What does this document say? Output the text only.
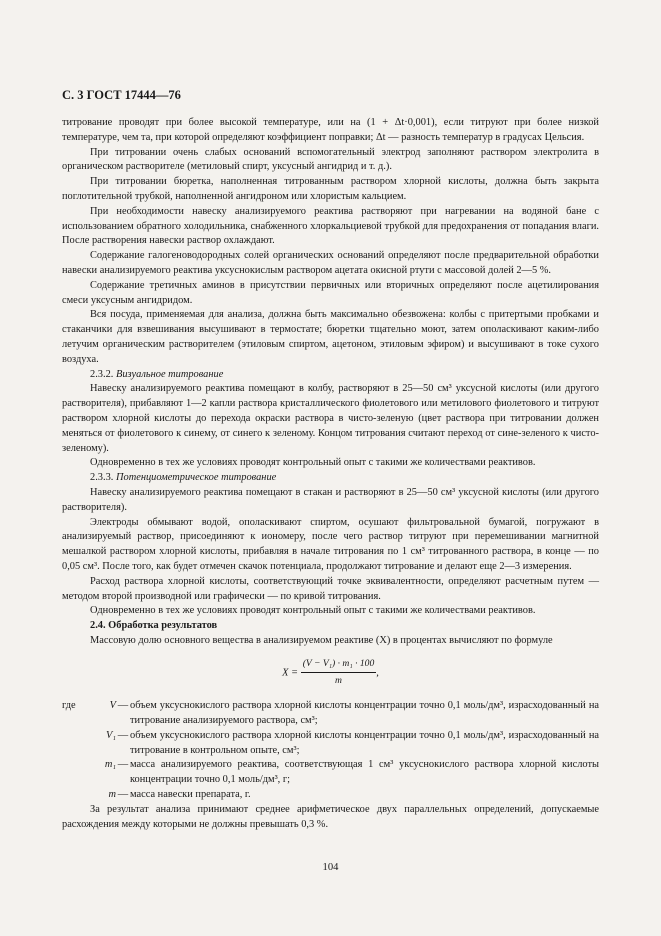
С. 3 ГОСТ 17444—76

титрование проводят при более высокой температуре, или на (1 + Δt·0,001), если титруют при более низкой температуре, чем та, при которой определяют коэффициент поправки; Δt — разность температур в градусах Цельсия.

При титровании очень слабых оснований вспомогательный электрод заполняют раствором электролита в органическом растворителе (метиловый спирт, уксусный ангидрид и т. д.).

При титровании бюретка, наполненная титрованным раствором хлорной кислоты, должна быть закрыта поглотительной трубкой, наполненной ангидроном или хлористым кальцием.

При необходимости навеску анализируемого реактива растворяют при нагревании на водяной бане с использованием обратного холодильника, снабженного хлоркальциевой трубкой для предохранения от попадания влаги. После растворения навески раствор охлаждают.

Содержание галогеноводородных солей органических оснований определяют после предварительной обработки навески анализируемого реактива уксуснокислым раствором ацетата окисной ртути с массовой долей 2—5 %.

Содержание третичных аминов в присутствии первичных или вторичных определяют после ацетилирования смеси уксусным ангидридом.

Вся посуда, применяемая для анализа, должна быть максимально обезвожена: колбы с притертыми пробками и стаканчики для взвешивания высушивают в термостате; бюретки тщательно моют, затем ополаскивают каким-либо летучим органическим растворителем (этиловым спиртом, ацетоном, этиловым эфиром) и высушивают в токе сухого воздуха.

2.3.2. Визуальное титрование

Навеску анализируемого реактива помещают в колбу, растворяют в 25—50 см³ уксусной кислоты (или другого растворителя), прибавляют 1—2 капли раствора кристаллического фиолетового или метилового фиолетового и титруют раствором хлорной кислоты до перехода окраски раствора в чисто-зеленую (цвет раствора при титровании должен меняться от фиолетового к синему, от синего к зеленому. Концом титрования считают переход от сине-зеленого к чисто-зеленому).

Одновременно в тех же условиях проводят контрольный опыт с такими же количествами реактивов.

2.3.3. Потенциометрическое титрование

Навеску анализируемого реактива помещают в стакан и растворяют в 25—50 см³ уксусной кислоты (или другого растворителя).

Электроды обмывают водой, ополаскивают спиртом, осушают фильтровальной бумагой, погружают в анализируемый раствор, присоединяют к иономеру, после чего раствор титруют при перемешивании магнитной мешалкой раствором хлорной кислоты, прибавляя в начале титрования по 1 см³ титрованного раствора, в конце — по 0,05 см³. После того, как будет отмечен скачок потенциала, продолжают титрование и делают еще 2—3 измерения.

Расход раствора хлорной кислоты, соответствующий точке эквивалентности, определяют расчетным путем — методом второй производной или графически — по кривой титрования.

Одновременно в тех же условиях проводят контрольный опыт с такими же количествами реактивов.

2.4. Обработка результатов

Массовую долю основного вещества в анализируемом реактиве (X) в процентах вычисляют по формуле

$X = \frac{\text{(V − V₁) · m₁ · 100}}{m}$ ,
где	V — объем уксуснокислого раствора хлорной кислоты концентрации точно 0,1 моль/дм³, израсходованный на титрование анализируемого раствора, см³;
V₁ — объем уксуснокислого раствора хлорной кислоты концентрации точно 0,1 моль/дм³, израсходованный на титрование в контрольном опыте, см³;
m₁ — масса анализируемого реактива, соответствующая 1 см³ уксуснокислого раствора хлорной кислоты концентрации точно 0,1 моль/дм³, г;
m — масса навески препарата, г.

За результат анализа принимают среднее арифметическое двух параллельных определений, допускаемые расхождения между которыми не должны превышать 0,3 %.

104
